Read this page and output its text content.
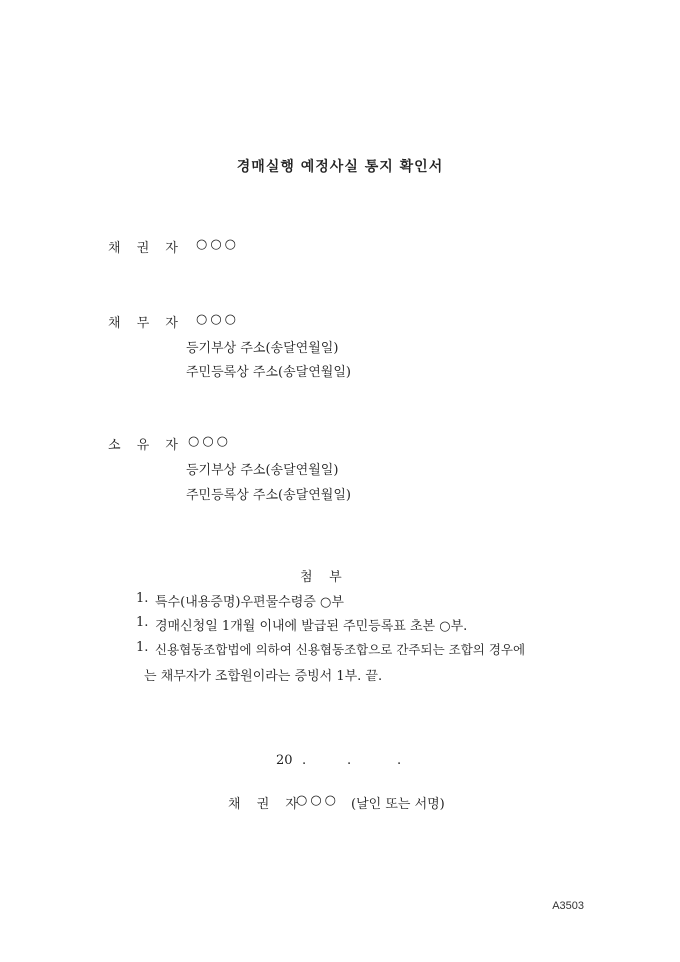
경매실행 예정사실 통지 확인서
채 권 자 ○○○
채 무 자 ○○○
등기부상 주소(송달연월일)
주민등록상 주소(송달연월일)
소 유 자 ○○○
등기부상 주소(송달연월일)
주민등록상 주소(송달연월일)
첨    부
1. 특수(내용증명)우편물수령증 ○부
1. 경매신청일 1개월 이내에 발급된 주민등록표 초본 ○부.
1. 신용협동조합법에 의하여 신용협동조합으로 간주되는 조합의 경우에
는 채무자가 조합원이라는 증빙서 1부. 끝.
20 .	.	.
채 권 자
○○○ (날인 또는 서명)
A3503
